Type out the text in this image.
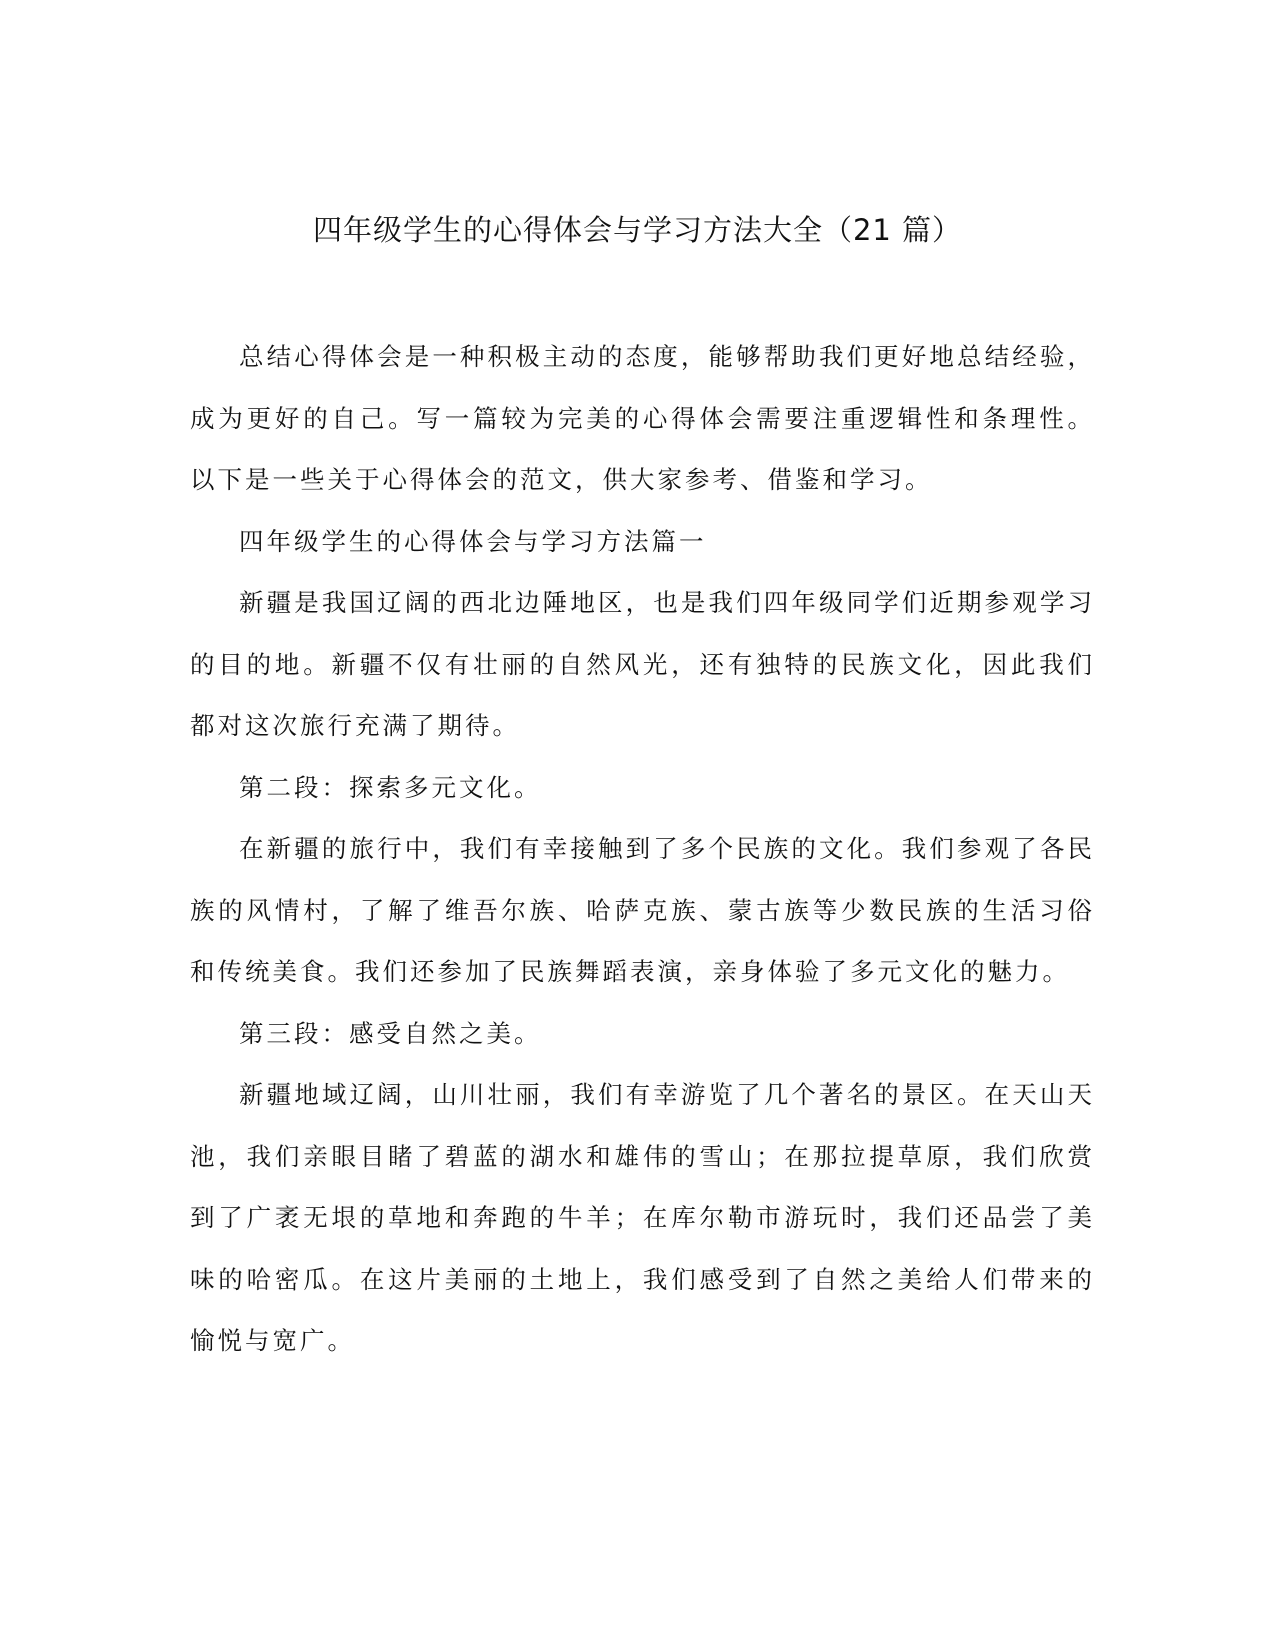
四年级学生的心得体会与学习方法大全（21 篇）

总结心得体会是一种积极主动的态度，能够帮助我们更好地总结经验，成为更好的自己。写一篇较为完美的心得体会需要注重逻辑性和条理性。以下是一些关于心得体会的范文，供大家参考、借鉴和学习。

四年级学生的心得体会与学习方法篇一

新疆是我国辽阔的西北边陲地区，也是我们四年级同学们近期参观学习的目的地。新疆不仅有壮丽的自然风光，还有独特的民族文化，因此我们都对这次旅行充满了期待。

第二段：探索多元文化。

在新疆的旅行中，我们有幸接触到了多个民族的文化。我们参观了各民族的风情村，了解了维吾尔族、哈萨克族、蒙古族等少数民族的生活习俗和传统美食。我们还参加了民族舞蹈表演，亲身体验了多元文化的魅力。

第三段：感受自然之美。

新疆地域辽阔，山川壮丽，我们有幸游览了几个著名的景区。在天山天池，我们亲眼目睹了碧蓝的湖水和雄伟的雪山；在那拉提草原，我们欣赏到了广袤无垠的草地和奔跑的牛羊；在库尔勒市游玩时，我们还品尝了美味的哈密瓜。在这片美丽的土地上，我们感受到了自然之美给人们带来的愉悦与宽广。
